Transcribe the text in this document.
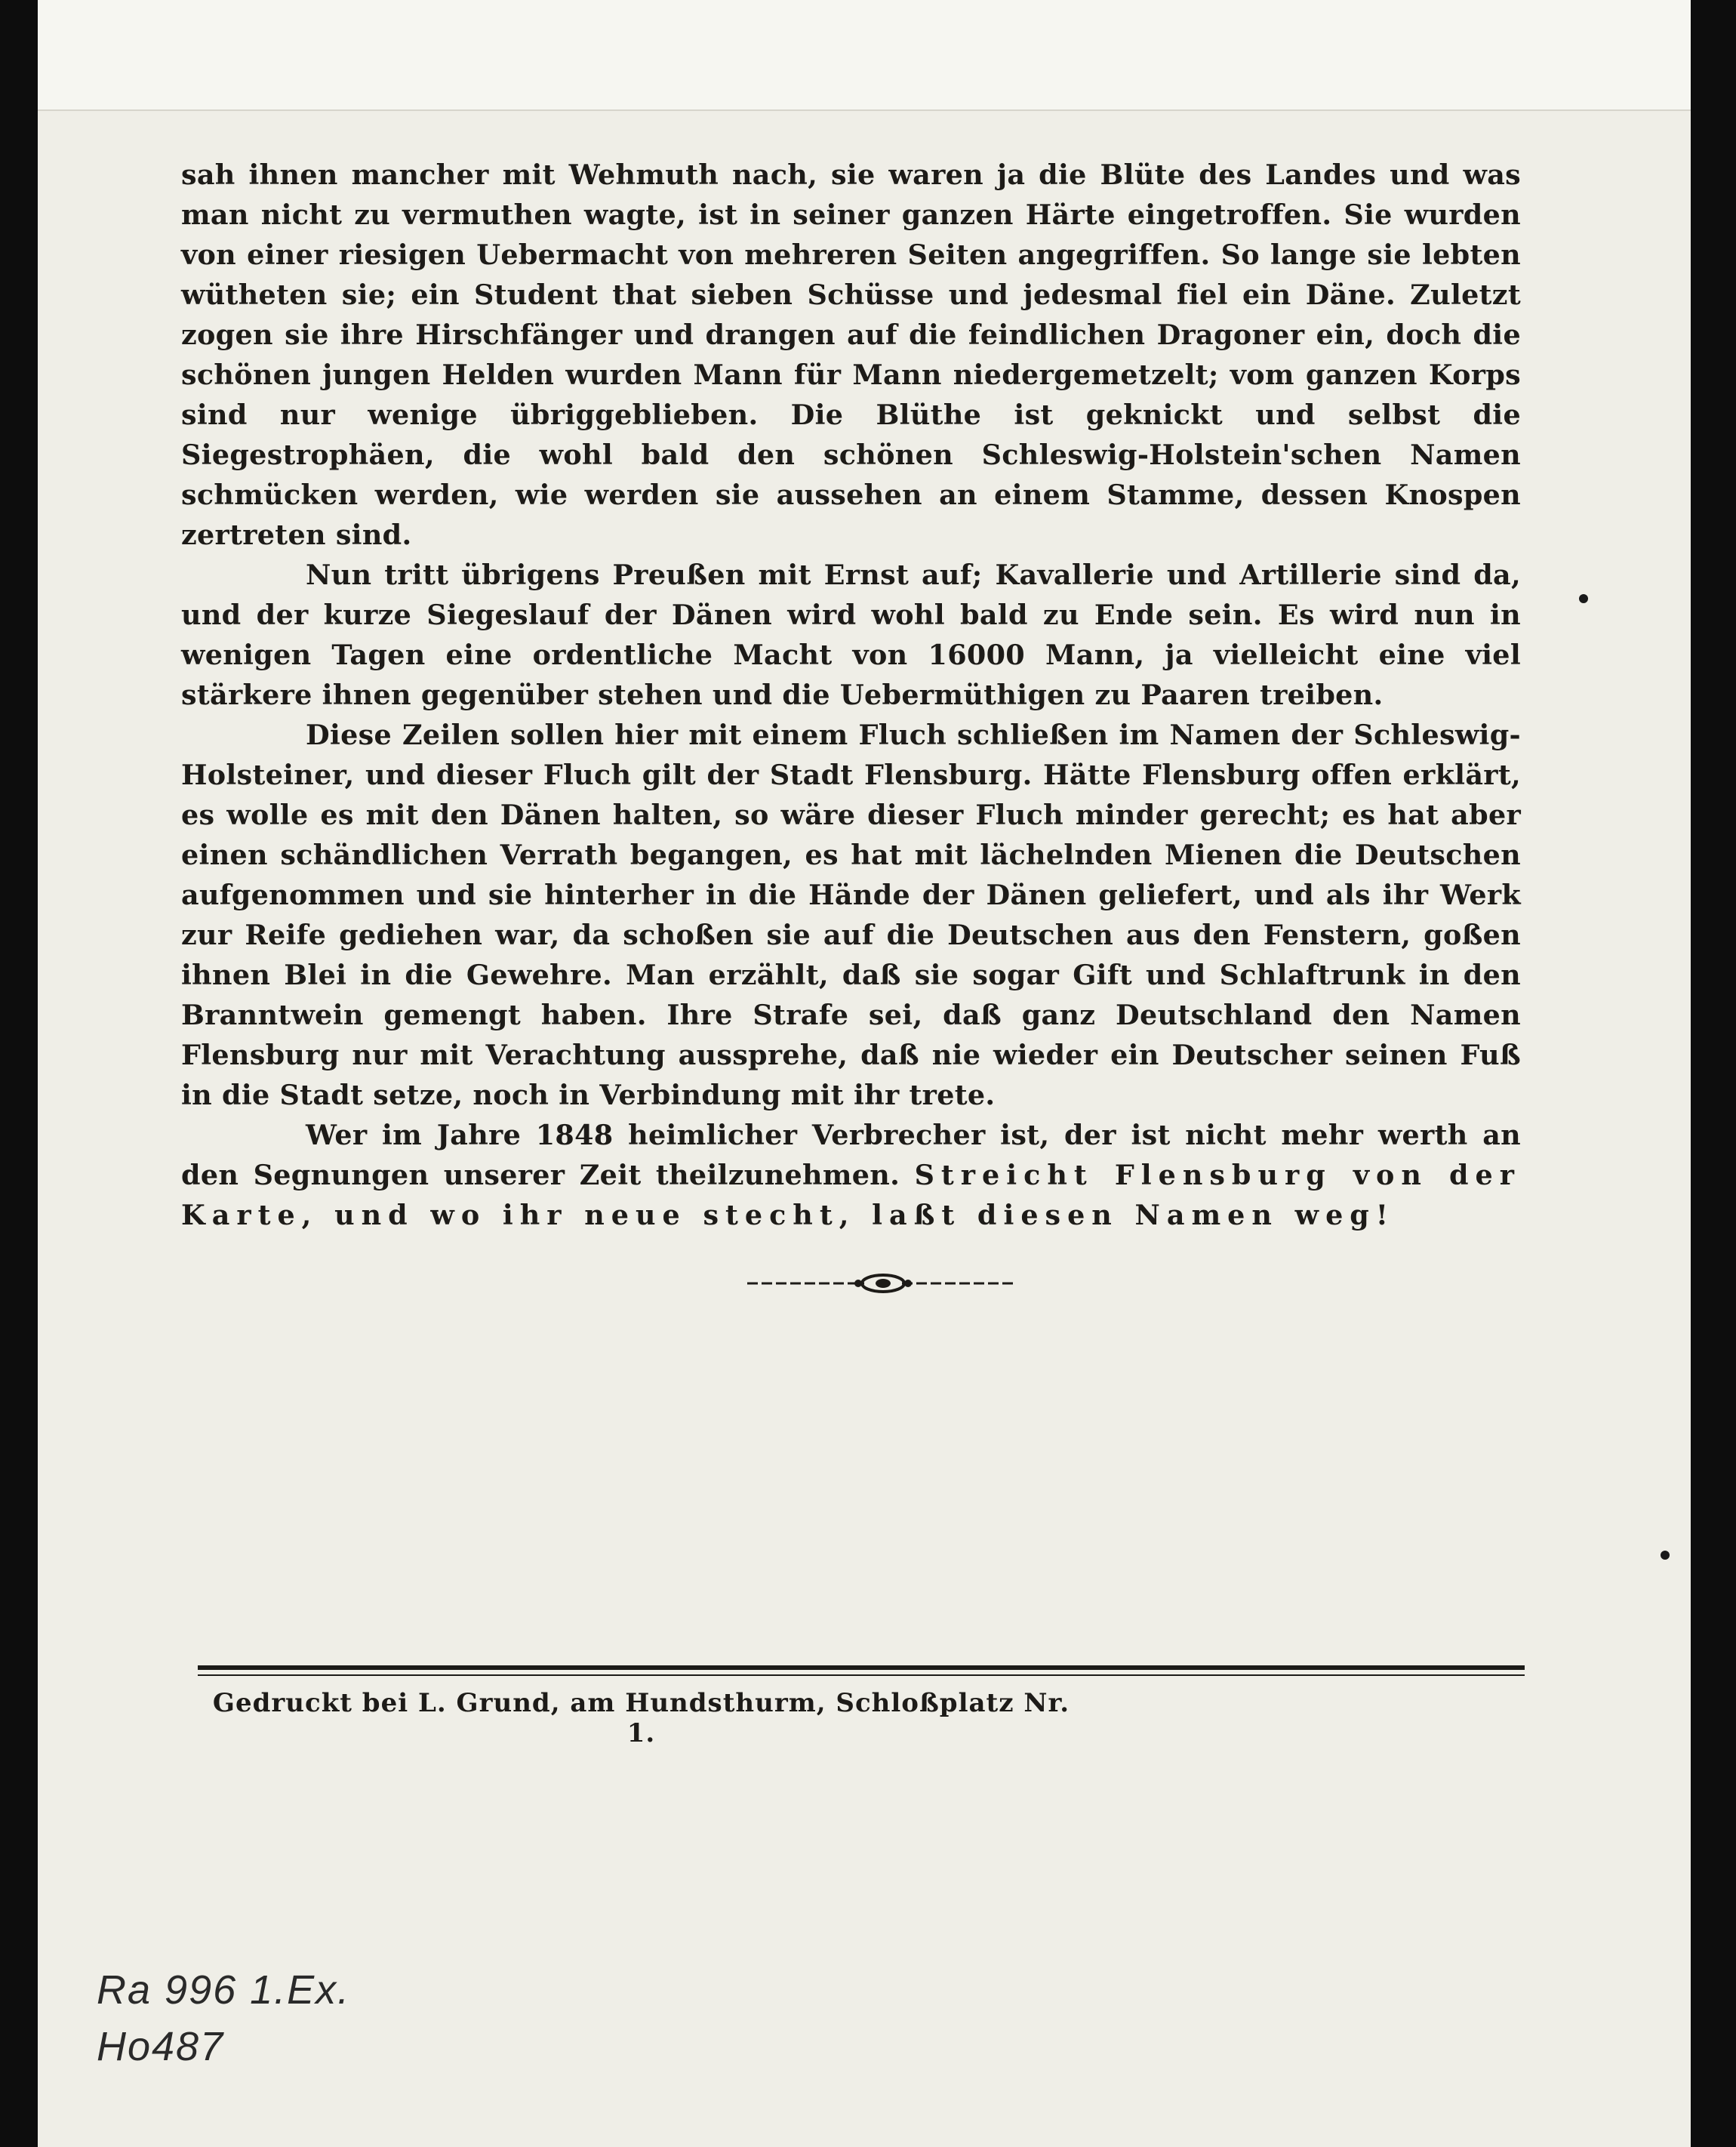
sah ihnen mancher mit Wehmuth nach, sie waren ja die Blüte des Landes und was man nicht zu vermuthen wagte, ist in seiner ganzen Härte eingetroffen. Sie wurden von einer riesigen Uebermacht von mehreren Seiten angegriffen. So lange sie lebten wütheten sie; ein Student that sieben Schüsse und jedesmal fiel ein Däne. Zuletzt zogen sie ihre Hirschfänger und drangen auf die feindlichen Dragoner ein, doch die schönen jungen Helden wurden Mann für Mann niedergemetzelt; vom ganzen Korps sind nur wenige übriggeblieben. Die Blüthe ist geknickt und selbst die Siegestrophäen, die wohl bald den schönen Schleswig-Holstein'schen Namen schmücken werden, wie werden sie aussehen an einem Stamme, dessen Knospen zertreten sind.

Nun tritt übrigens Preußen mit Ernst auf; Kavallerie und Artillerie sind da, und der kurze Siegeslauf der Dänen wird wohl bald zu Ende sein. Es wird nun in wenigen Tagen eine ordentliche Macht von 16000 Mann, ja vielleicht eine viel stärkere ihnen gegenüber stehen und die Uebermüthigen zu Paaren treiben.

Diese Zeilen sollen hier mit einem Fluch schließen im Namen der Schleswig-Holsteiner, und dieser Fluch gilt der Stadt Flensburg. Hätte Flensburg offen erklärt, es wolle es mit den Dänen halten, so wäre dieser Fluch minder gerecht; es hat aber einen schändlichen Verrath begangen, es hat mit lächelnden Mienen die Deutschen aufgenommen und sie hinterher in die Hände der Dänen geliefert, und als ihr Werk zur Reife gediehen war, da schoßen sie auf die Deutschen aus den Fenstern, goßen ihnen Blei in die Gewehre. Man erzählt, daß sie sogar Gift und Schlaftrunk in den Branntwein gemengt haben. Ihre Strafe sei, daß ganz Deutschland den Namen Flensburg nur mit Verachtung aussprehe, daß nie wieder ein Deutscher seinen Fuß in die Stadt setze, noch in Verbindung mit ihr trete.

Wer im Jahre 1848 heimlicher Verbrecher ist, der ist nicht mehr werth an den Segnungen unserer Zeit theilzunehmen. Streicht Flensburg von der Karte, und wo ihr neue stecht, laßt diesen Namen weg!

Gedruckt bei L. Grund, am Hundsthurm, Schloßplatz Nr. 1.
Ra 996 1.Ex.
Ho487
